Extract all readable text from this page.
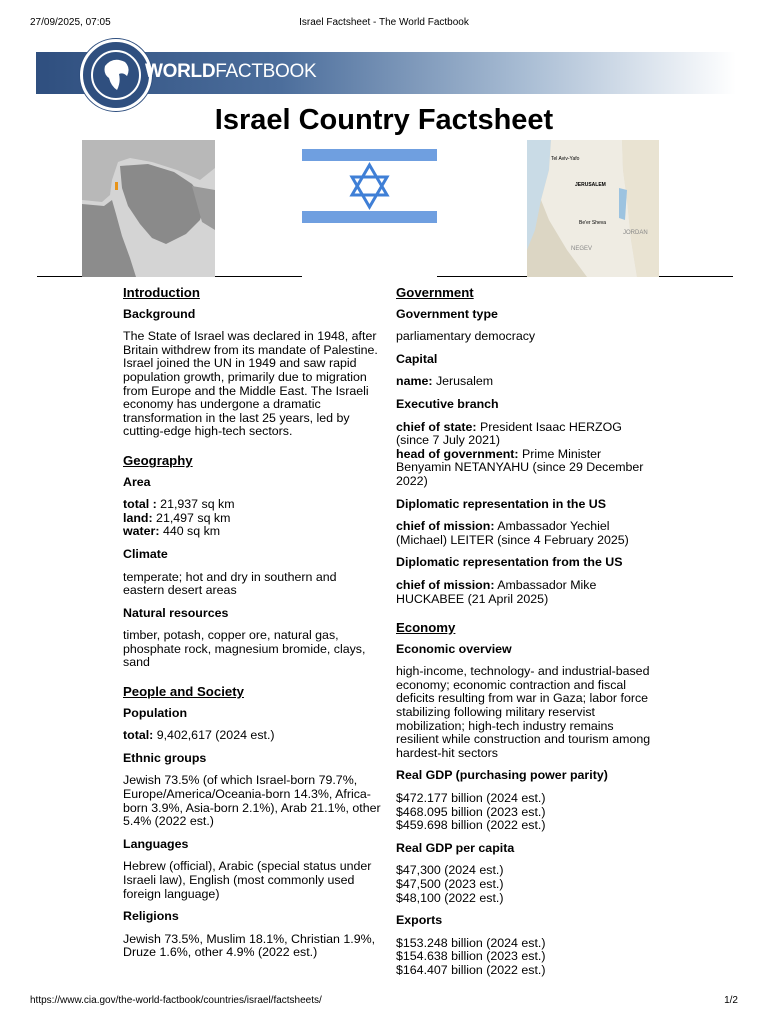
27/09/2025, 07:05	Israel Factsheet - The World Factbook
WORLDFACTBOOK
Israel Country Factsheet
Tel Aviv-Yafo
JERUSALEM
Be'er Sheva
NEGEV
JORDAN
Introduction
Background
The State of Israel was declared in 1948, after Britain withdrew from its mandate of Palestine. Israel joined the UN in 1949 and saw rapid population growth, primarily due to migration from Europe and the Middle East. The Israeli economy has undergone a dramatic transformation in the last 25 years, led by cutting-edge high-tech sectors.
Geography
Area
total : 21,937 sq km
land: 21,497 sq km
water: 440 sq km
Climate
temperate; hot and dry in southern and eastern desert areas
Natural resources
timber, potash, copper ore, natural gas, phosphate rock, magnesium bromide, clays, sand
People and Society
Population
total: 9,402,617 (2024 est.)
Ethnic groups
Jewish 73.5% (of which Israel-born 79.7%, Europe/America/Oceania-born 14.3%, Africa-born 3.9%, Asia-born 2.1%), Arab 21.1%, other 5.4% (2022 est.)
Languages
Hebrew (official), Arabic (special status under Israeli law), English (most commonly used foreign language)
Religions
Jewish 73.5%, Muslim 18.1%, Christian 1.9%, Druze 1.6%, other 4.9% (2022 est.)
Government
Government type
parliamentary democracy
Capital
name: Jerusalem
Executive branch
chief of state: President Isaac HERZOG (since 7 July 2021)
head of government: Prime Minister Benyamin NETANYAHU (since 29 December 2022)
Diplomatic representation in the US
chief of mission: Ambassador Yechiel (Michael) LEITER (since 4 February 2025)
Diplomatic representation from the US
chief of mission: Ambassador Mike HUCKABEE (21 April 2025)
Economy
Economic overview
high-income, technology- and industrial-based economy; economic contraction and fiscal deficits resulting from war in Gaza; labor force stabilizing following military reservist mobilization; high-tech industry remains resilient while construction and tourism among hardest-hit sectors
Real GDP (purchasing power parity)
$472.177 billion (2024 est.)
$468.095 billion (2023 est.)
$459.698 billion (2022 est.)
Real GDP per capita
$47,300 (2024 est.)
$47,500 (2023 est.)
$48,100 (2022 est.)
Exports
$153.248 billion (2024 est.)
$154.638 billion (2023 est.)
$164.407 billion (2022 est.)
https://www.cia.gov/the-world-factbook/countries/israel/factsheets/	1/2
